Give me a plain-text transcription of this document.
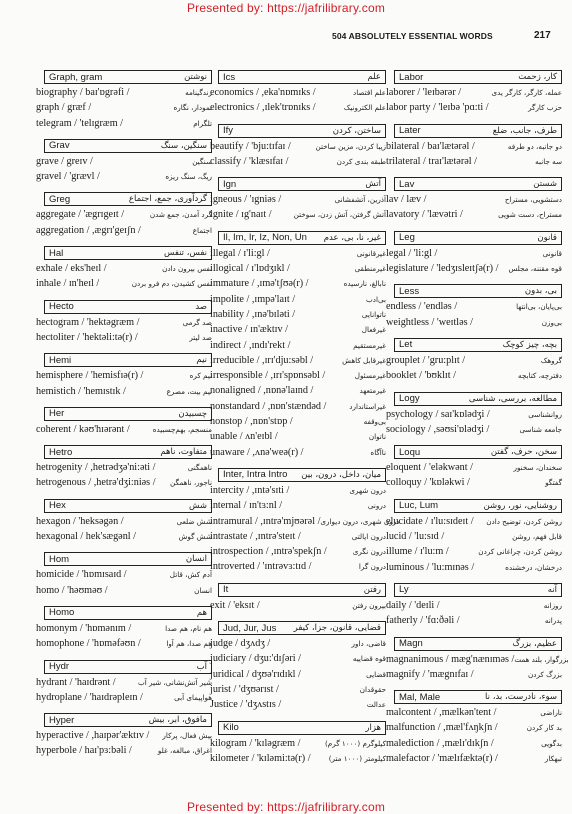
Presented by: https://jafrilibrary.com
504 ABSOLUTELY ESSENTIAL WORDS	217
Graph, gram	نوشتن
biography / baɪ'ɒgrəfi /	زندگینامه
graph / græf /	نمودار، نگاره
telegram / 'telɪgræm /	تلگرام
Grav	سنگین، سنگ
grave / greɪv /	سنگین
gravel / 'grævl /	ریگ، سنگ ریزه
Greg	گردآوری، جمع، اجتماع
aggregate / 'ægrɪgeɪt /	گرد آمدن، جمع شدن
aggregation / ,ægrɪ'geɪʃn /	اجتماع
Hal	نفس، تنفس
exhale / eks'heɪl /	نفس بیرون دادن
inhale / ɪn'heɪl /	نفس کشیدن، دم فرو بردن
Hecto	صد
hectogram / 'hektəgræm /	صد گرمی
hectoliter / 'hektəli:tə(r) /	صد لیتر
Hemi	نیم
hemisphere / 'hemisfɪə(r) /	نیم کره
hemistich / 'hemɪstɪk /	نیم بیت، مصرع
Her	چسبیدن
coherent / kəʊ'hɪərənt /	منسجم، بهم‌چسبیده
Hetro	متفاوت، ناهم
hetrogenity / ,hetrədʒə'ni:əti /	ناهمگنی
hetrogenous / ,hetrə'dʒi:niəs / ناجور، ناهمگن
Hex	شش
hexagon / 'heksəgən /	شش ضلعی
hexagonal / hek'sægənl /	شش گوش
Hom	انسان
homicide / 'hɒmɪsaɪd /	آدم کش، قاتل
homo / 'həʊməʊ /	انسان
Homo	هم
homonym / 'hɒmənɪm /	هم نام، هم صدا
homophone / 'hɒməfəʊn /	هم صدا، هم آوا
Hydr	آب
hydrant / 'haɪdrənt /	شیر آتش‌نشانی، شیر آب
hydroplane / 'haɪdrəpleɪn /	هواپیمای آبی
Hyper	مافوق، ابر، بیش
hyperactive / ,haɪpər'æktɪv / بیش فعال، پرکار
hyperbole / haɪ'pɜ:bəli /	اغراق، مبالغه، غلو
Ics	علم
economics / ,eka'nɒmɪks /	علم اقتصاد
electronics / ,ɪlek'trɒnɪks /	علم الکترونیک
Ify	ساختن، کردن
beautify / 'bju:tɪfaɪ /	زیبا کردن، مزین ساختن
classify / 'klæsɪfaɪ /	طبقه بندی کردن
Ign	آتش
igneous / 'ɪgniəs /	آذرین، آتشفشانی
ignite / ɪg'naɪt /	آتش گرفتن، آتش زدن، سوختن
Il, Im, Ir, Iz, Non, Un غیر، نا، بی، عدم
illegal / ɪ'li:gl /	غیرقانونی
illogical / ɪ'lɒdʒɪkl /	غیرمنطقی
immature / ,ɪmə'tʃʊə(r) /	نابالغ، نارسیده
impolite / ,ɪmpə'laɪt /	بی‌ادب
inability / ,ɪnə'bɪləti /	ناتوانایی
inactive / ɪn'æktɪv /	غیرفعال
indirect / ,ɪndɪ'rekt /	غیرمستقیم
irreducible / ,ɪrɪ'dju:səbl /	غیرقابل کاهش
irresponsible / ,ɪrɪ'spɒnsəbl /	غیرمسئول
nonaligned / ,nɒnə'laɪnd /	غیرمتعهد
nonstandard / ,nɒn'stændəd /	غیراستاندارد
nonstop / ,nɒn'stɒp /	بی‌وقفه
unable / ʌn'eɪbl /	ناتوان
unaware / ,ʌnə'weə(r) /	ناآگاه
Inter, Intra Intro میان، داخل، درون، بین
intercity / ,ɪntə'sɪti /	درون شهری
internal / ɪn'tɜ:nl /	درونی
intramural / ,ɪntrə'mjʊərəl / درون شهری، درون دیواری
intrastate / ,ɪntrə'steɪt /	درون ایالتی
introspection / ,ɪntrə'spekʃn /	درون نگری
introverted / 'ɪntrəvɜ:tɪd /	درون گرا
It	رفتن
exit / 'eksɪt /	بیرون رفتن
Jud, Jur, Jus قضایی، قانون، جزا، کیفر
judge / dʒʌdʒ /	قاضی، داور
judiciary / dʒu:'dɪʃəri /	قوه قضاییه
juridical / dʒʊə'rɪdɪkl /	قضایی
jurist / 'dʒʊərɪst /	حقوقدان
Justice / 'dʒʌstɪs /	عدالت
Kilo	هزار
kilogram / 'kɪləgræm /	کیلوگرم (۱۰۰۰ گرم)
kilometer / 'kɪləmi:tə(r) /	کیلومتر (۱۰۰۰ متر)
Labor	کار، زحمت
laborer / 'leɪbərər /	عمله، کارگر، کارگر یدی
labor party / 'leɪbə 'pɑ:ti /	حزب کارگر
Later	طرف، جانب، ضلع
bilateral / baɪ'lætərəl /	دو جانبه، دو طرفه
trilateral / traɪ'lætərəl /	سه جانبه
Lav	شستن
lav / læv /	دستشویی، مستراح
lavatory / 'lævətri /	مستراح، دست شویی
Leg	قانون
legal / 'li:gl /	قانونی
legislature / 'ledʒɪsleɪtʃə(r) / قوه مقننه، مجلس
Less	بی، بدون
endless / 'endləs /	بی‌پایان، بی‌انتها
weightless / 'weɪtləs /	بی‌وزن
Let	بچه، چیز کوچک
grouplet / 'gru:plɪt /	گروهک
booklet / 'bʊklɪt /	دفترچه، کتابچه
Logy	مطالعه، بررسی، شناسی
psychology / saɪ'kɒlədʒi /	روانشناسی
sociology / ,səʊsi'ɒlədʒi /	جامعه شناسی
Loqu	سخن، حرف، گفتن
eloquent / 'eləkwənt /	سخندان، سخنور
colloquy / 'kɒləkwi /	گفتگو
Luc, Lum	روشنایی، نور، روشن
elucidate / ɪ'lu:sɪdeɪt / روشن کردن، توضیح دادن
lucid / 'lu:sɪd /	قابل فهم، روشن
illume / ɪ'lu:m /	روشن کردن، چراغانی کردن
luminous / 'lu:mɪnəs /	درخشان، درخشنده
Ly	آنه
daily / 'deɪli /	روزانه
fatherly / 'fɑ:ðəli /	پدرانه
Magn	عظیم، بزرگ
magnanimous / mæg'nænɪməs / بزرگوار، بلند همت
magnify / 'mægnɪfaɪ /	بزرگ کردن
Mal, Male	سوء، نادرست، بد، نا
malcontent / ,mælkən'tent /	ناراضی
malfunction / ,mæl'fʌŋkʃn /	بد کار کردن
malediction / ,mælɪ'dɪkʃn /	بدگویی
malefactor / 'mælɪfæktə(r) /	تبهکار
Presented by: https://jafrilibrary.com
